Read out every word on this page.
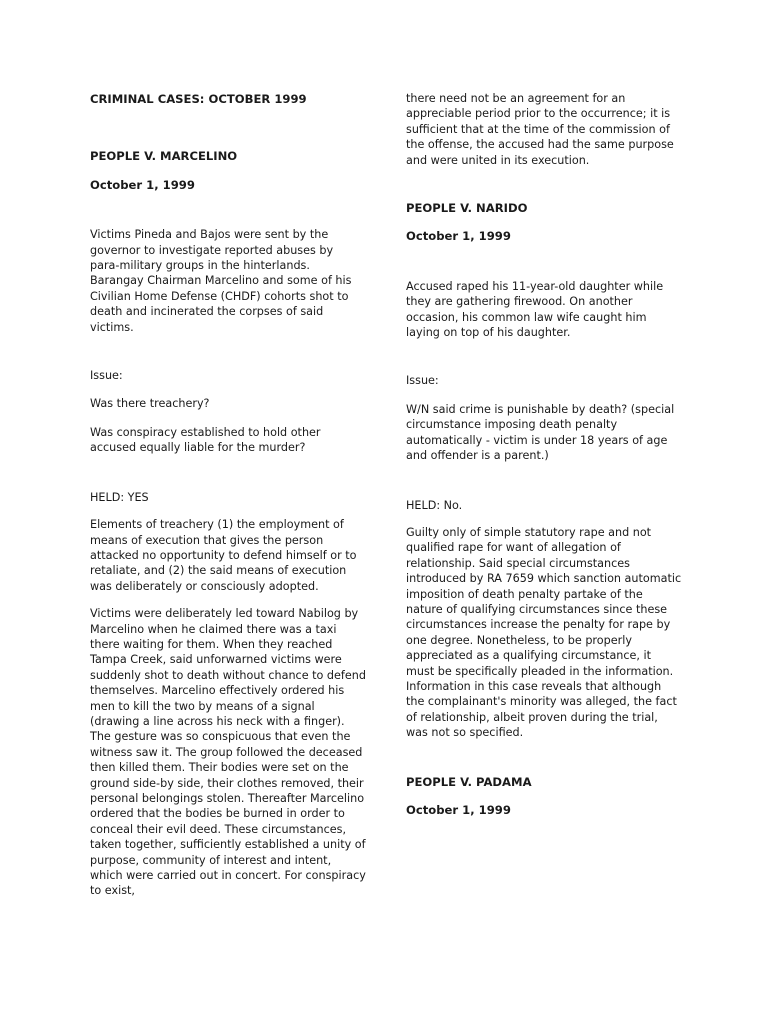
CRIMINAL CASES: OCTOBER 1999

PEOPLE V. MARCELINO

October 1, 1999

Victims Pineda and Bajos were sent by the governor to investigate reported abuses by para-military groups in the hinterlands. Barangay Chairman Marcelino and some of his Civilian Home Defense (CHDF) cohorts shot to death and incinerated the corpses of said victims.

Issue:

Was there treachery?

Was conspiracy established to hold other accused equally liable for the murder?

HELD: YES

Elements of treachery (1) the employment of means of execution that gives the person attacked no opportunity to defend himself or to retaliate, and (2) the said means of execution was deliberately or consciously adopted.

Victims were deliberately led toward Nabilog by Marcelino when he claimed there was a taxi there waiting for them. When they reached Tampa Creek, said unforwarned victims were suddenly shot to death without chance to defend themselves. Marcelino effectively ordered his men to kill the two by means of a signal (drawing a line across his neck with a finger). The gesture was so conspicuous that even the witness saw it. The group followed the deceased then killed them. Their bodies were set on the ground side-by side, their clothes removed, their personal belongings stolen. Thereafter Marcelino ordered that the bodies be burned in order to conceal their evil deed. These circumstances, taken together, sufficiently established a unity of purpose, community of interest and intent, which were carried out in concert. For conspiracy to exist,

there need not be an agreement for an appreciable period prior to the occurrence; it is sufficient that at the time of the commission of the offense, the accused had the same purpose and were united in its execution.

PEOPLE V. NARIDO

October 1, 1999

Accused raped his 11-year-old daughter while they are gathering firewood. On another occasion, his common law wife caught him laying on top of his daughter.

Issue:

W/N said crime is punishable by death? (special circumstance imposing death penalty automatically - victim is under 18 years of age and offender is a parent.)

HELD: No.

Guilty only of simple statutory rape and not qualified rape for want of allegation of relationship. Said special circumstances introduced by RA 7659 which sanction automatic imposition of death penalty partake of the nature of qualifying circumstances since these circumstances increase the penalty for rape by one degree. Nonetheless, to be properly appreciated as a qualifying circumstance, it must be specifically pleaded in the information. Information in this case reveals that although the complainant's minority was alleged, the fact of relationship, albeit proven during the trial, was not so specified.

PEOPLE V. PADAMA

October 1, 1999
